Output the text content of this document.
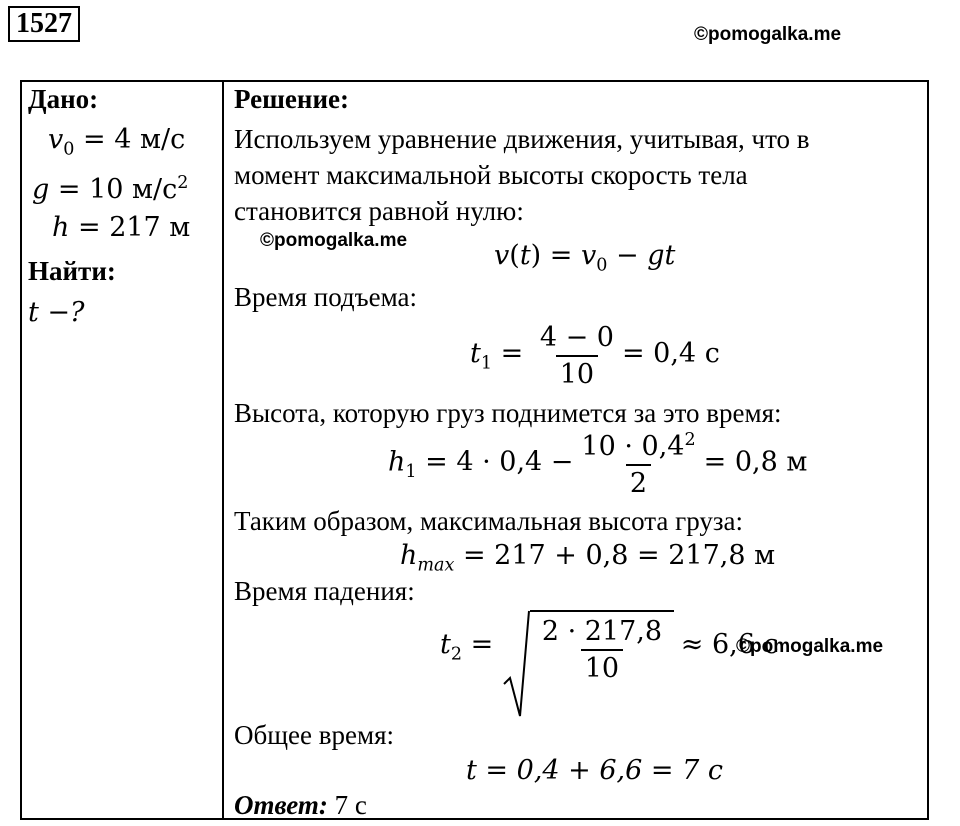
1527	©pomogalka.me
Дано:
$v_0 = 4$ м/с
g = 10 $м/с^2$
h = 217 м
Найти:
t −?
Решение:
Используем уравнение движения, учитывая, что в
момент максимальной высоты скорость тела
становится равной нулю:
©pomogalka.me	$v(t) = v_0$ − gt
Время подъема:
$t_1 = \frac{4 - 0}{10} = 0,4$ с
Высота, которую груз поднимется за это время:
$h_1 = 4 \cdot 0,4 - \frac{10 \cdot 0,4^2}{2} = 0,8$ м
Таким образом, максимальная высота груза:
$h_{max} = 217 + 0,8 = 217,8$ м
Время падения:
$t_2 = \frac{2 \cdot 217,8}{10} \approx 6,6$ с
©pomogalka.me
Общее время:
t = 0,4 + 6,6 = 7 с
Ответ: 7 с
